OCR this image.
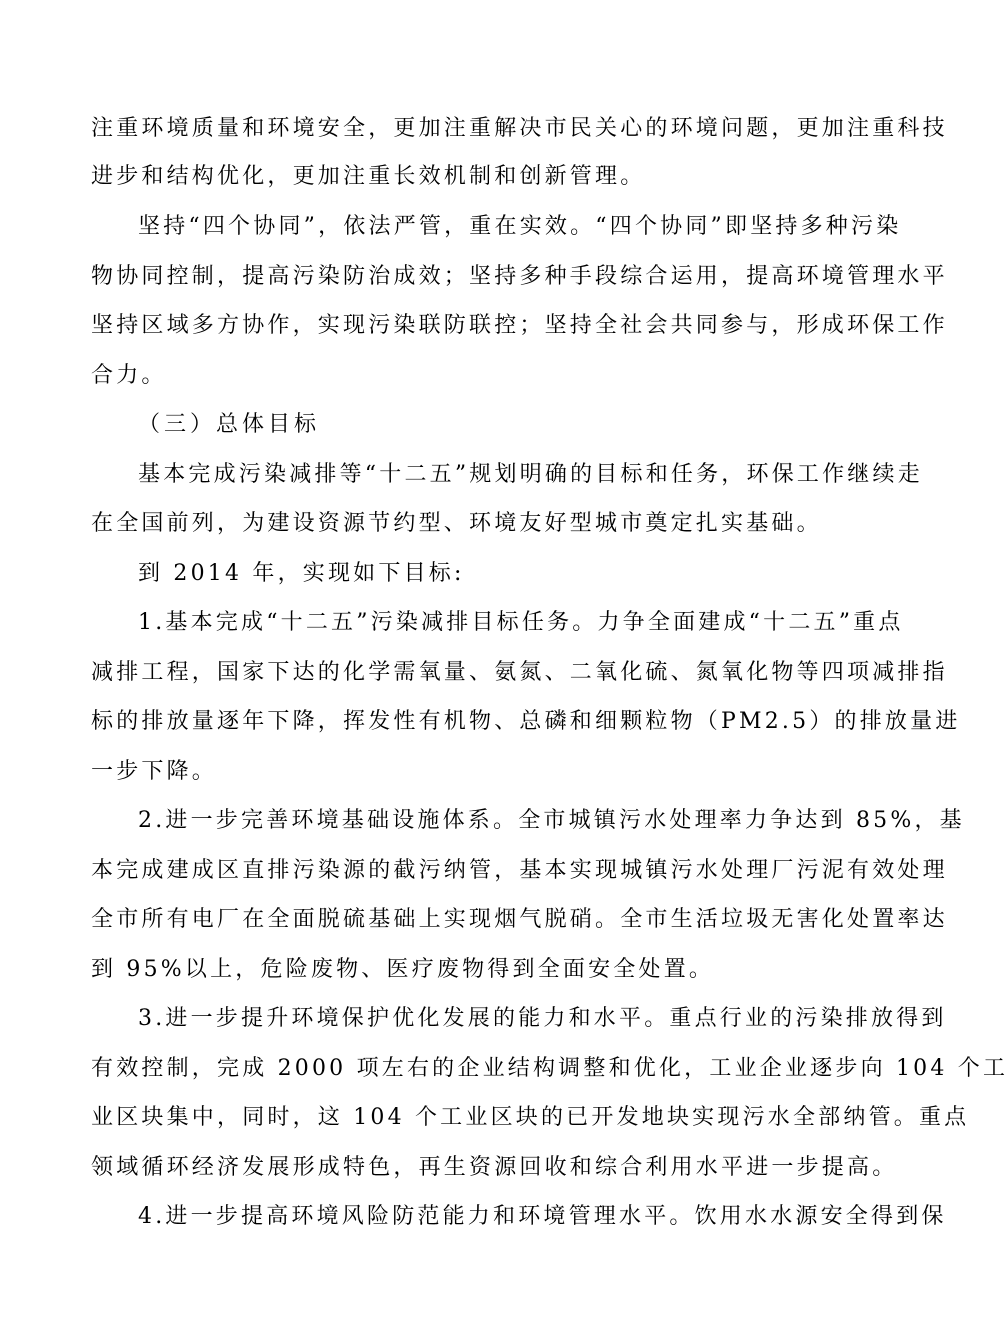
注重环境质量和环境安全，更加注重解决市民关心的环境问题，更加注重科技
进步和结构优化，更加注重长效机制和创新管理。
坚持“四个协同”，依法严管，重在实效。“四个协同”即坚持多种污染
物协同控制，提高污染防治成效；坚持多种手段综合运用，提高环境管理水平
坚持区域多方协作，实现污染联防联控；坚持全社会共同参与，形成环保工作
合力。
（三）总体目标
基本完成污染减排等“十二五”规划明确的目标和任务，环保工作继续走
在全国前列，为建设资源节约型、环境友好型城市奠定扎实基础。
到 2014 年，实现如下目标:
1.基本完成“十二五”污染减排目标任务。力争全面建成“十二五”重点
减排工程，国家下达的化学需氧量、氨氮、二氧化硫、氮氧化物等四项减排指
标的排放量逐年下降，挥发性有机物、总磷和细颗粒物（PM2.5）的排放量进
一步下降。
2.进一步完善环境基础设施体系。全市城镇污水处理率力争达到 85%，基
本完成建成区直排污染源的截污纳管，基本实现城镇污水处理厂污泥有效处理
全市所有电厂在全面脱硫基础上实现烟气脱硝。全市生活垃圾无害化处置率达
到 95%以上，危险废物、医疗废物得到全面安全处置。
3.进一步提升环境保护优化发展的能力和水平。重点行业的污染排放得到
有效控制，完成 2000 项左右的企业结构调整和优化，工业企业逐步向 104 个工
业区块集中，同时，这 104 个工业区块的已开发地块实现污水全部纳管。重点
领域循环经济发展形成特色，再生资源回收和综合利用水平进一步提高。
4.进一步提高环境风险防范能力和环境管理水平。饮用水水源安全得到保
